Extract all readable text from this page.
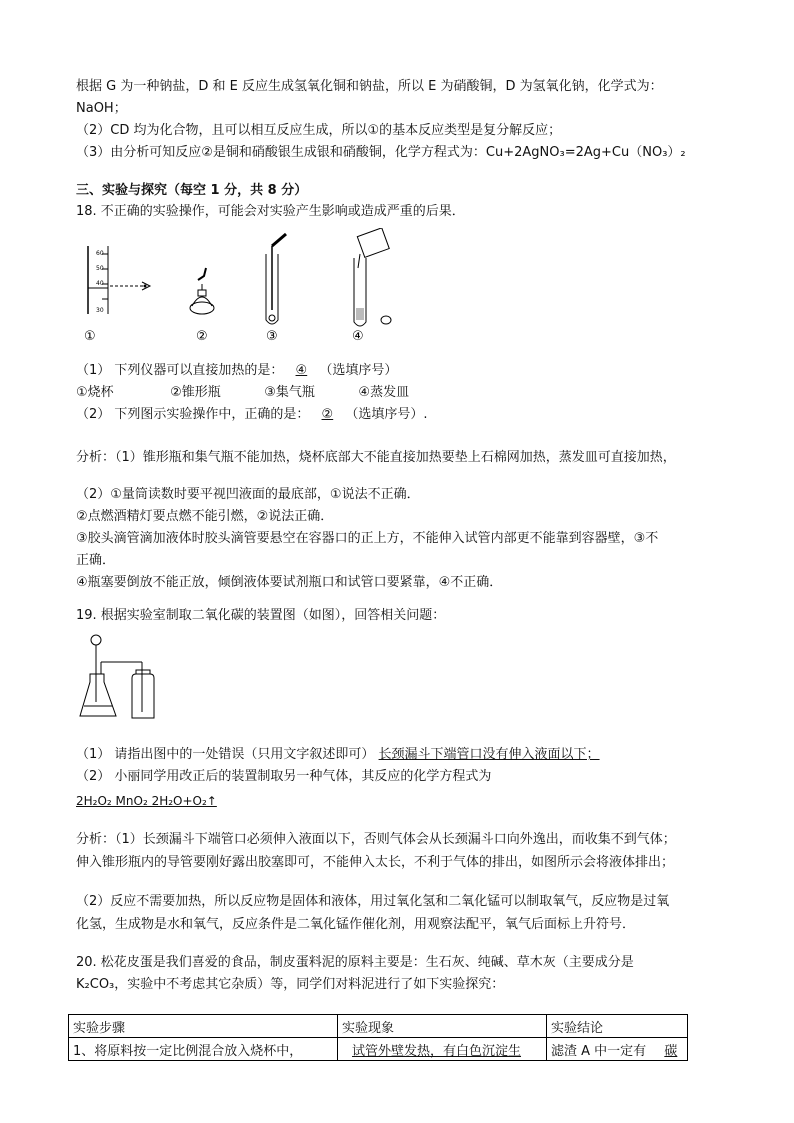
根据 G 为一种钠盐，D 和 E 反应生成氢氧化铜和钠盐，所以 E 为硝酸铜，D 为氢氧化钠，化学式为：
NaOH；
（2）CD 均为化合物，且可以相互反应生成，所以①的基本反应类型是复分解反应；
（3）由分析可知反应②是铜和硝酸银生成银和硝酸铜，化学方程式为：Cu+2AgNO₃=2Ag+Cu（NO₃）₂
三、实验与探究（每空 1 分，共 8 分）
18. 不正确的实验操作，可能会对实验产生影响或造成严重的后果．
60
50
40
30
①	②	③	④
（1） 下列仪器可以直接加热的是： ④ （选填序号）
①烧杯	②锥形瓶	③集气瓶	④蒸发皿
（2） 下列图示实验操作中，正确的是： ② （选填序号）.
分析：（1）锥形瓶和集气瓶不能加热，烧杯底部大不能直接加热要垫上石棉网加热，蒸发皿可直接加热，
（2）①量筒读数时要平视凹液面的最底部，①说法不正确．
②点燃酒精灯要点燃不能引燃，②说法正确．
③胶头滴管滴加液体时胶头滴管要悬空在容器口的正上方，不能伸入试管内部更不能靠到容器壁，③不
正确．
④瓶塞要倒放不能正放，倾倒液体要试剂瓶口和试管口要紧靠，④不正确．
19. 根据实验室制取二氧化碳的装置图（如图），回答相关问题：
（1） 请指出图中的一处错误（只用文字叙述即可） 长颈漏斗下端管口没有伸入液面以下；
（2） 小丽同学用改正后的装置制取另一种气体，其反应的化学方程式为
2H₂O₂ MnO₂ 2H₂O+O₂↑
分析：（1）长颈漏斗下端管口必须伸入液面以下，否则气体会从长颈漏斗口向外逸出，而收集不到气体；
伸入锥形瓶内的导管要刚好露出胶塞即可，不能伸入太长，不利于气体的排出，如图所示会将液体排出；
（2）反应不需要加热，所以反应物是固体和液体，用过氧化氢和二氧化锰可以制取氧气，反应物是过氧
化氢，生成物是水和氧气，反应条件是二氧化锰作催化剂，用观察法配平，氧气后面标上升符号．
20. 松花皮蛋是我们喜爱的食品，制皮蛋料泥的原料主要是：生石灰、纯碱、草木灰（主要成分是
K₂CO₃，实验中不考虑其它杂质）等，同学们对料泥进行了如下实验探究：
实验步骤	实验现象	实验结论
1、将原料按一定比例混合放入烧杯中，	试管外壁发热，有白色沉淀生	滤渣 A 中一定有 碳
